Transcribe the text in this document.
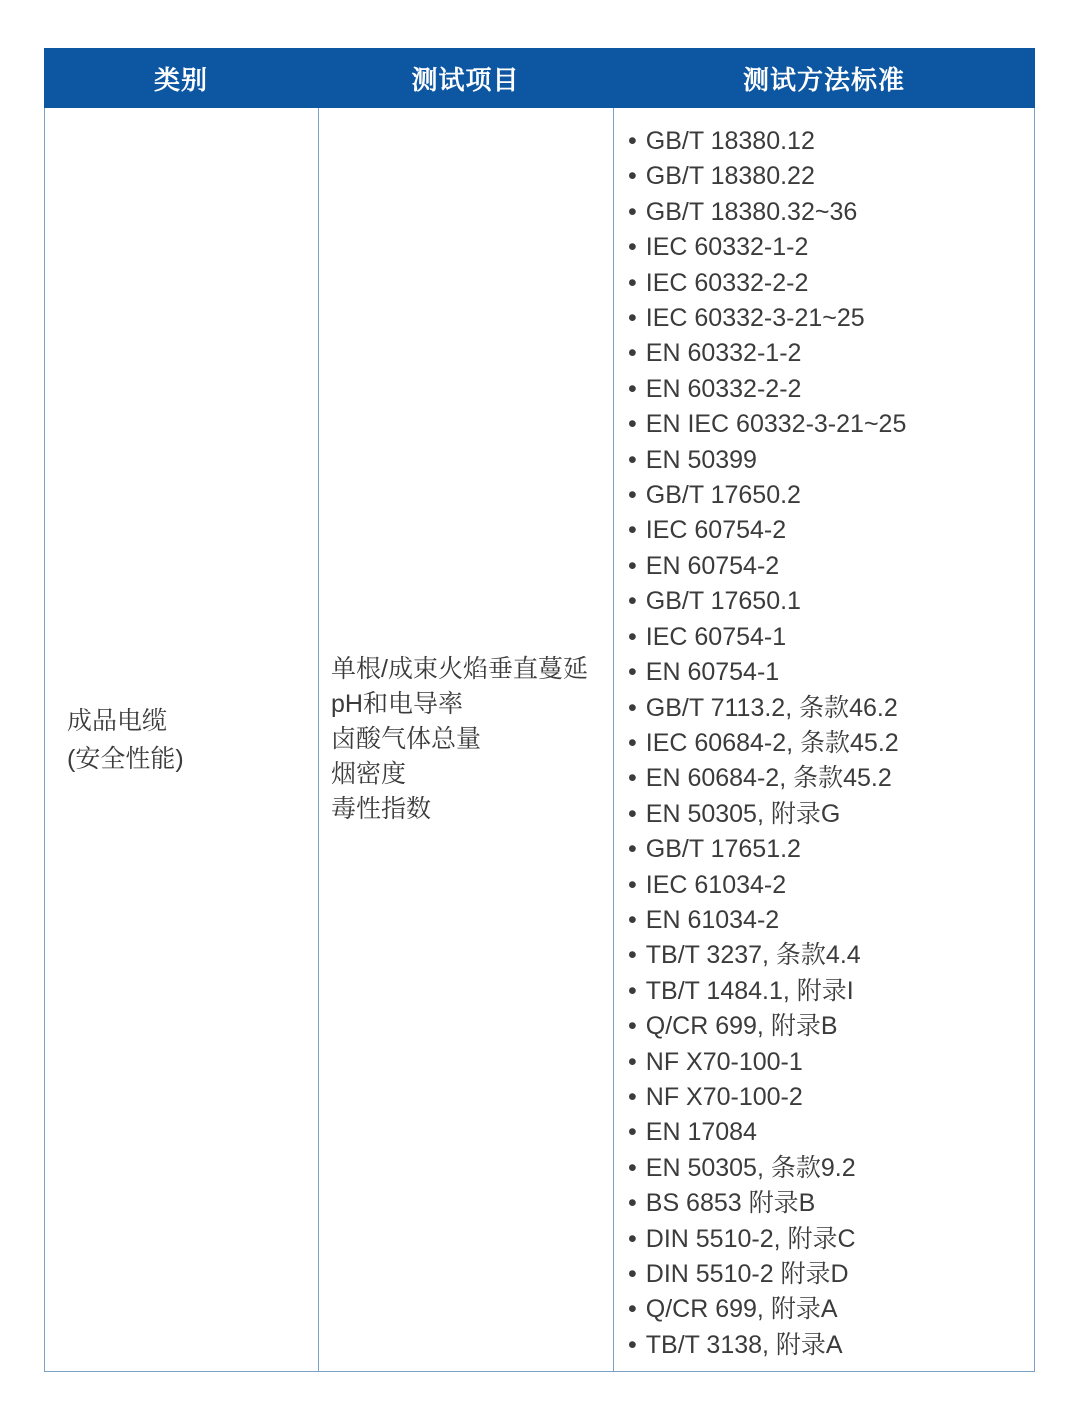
类别	测试项目	测试方法标准
成品电缆
(安全性能)
单根/成束火焰垂直蔓延
pH和电导率
卤酸气体总量
烟密度
毒性指数
• GB/T 18380.12
• GB/T 18380.22
• GB/T 18380.32~36
• IEC 60332-1-2
• IEC 60332-2-2
• IEC 60332-3-21~25
• EN 60332-1-2
• EN 60332-2-2
• EN IEC 60332-3-21~25
• EN 50399
• GB/T 17650.2
• IEC 60754-2
• EN 60754-2
• GB/T 17650.1
• IEC 60754-1
• EN 60754-1
• GB/T 7113.2, 条款46.2
• IEC 60684-2, 条款45.2
• EN 60684-2, 条款45.2
• EN 50305, 附录G
• GB/T 17651.2
• IEC 61034-2
• EN 61034-2
• TB/T 3237, 条款4.4
• TB/T 1484.1, 附录I
• Q/CR 699, 附录B
• NF X70-100-1
• NF X70-100-2
• EN 17084
• EN 50305, 条款9.2
• BS 6853 附录B
• DIN 5510-2, 附录C
• DIN 5510-2 附录D
• Q/CR 699, 附录A
• TB/T 3138, 附录A
